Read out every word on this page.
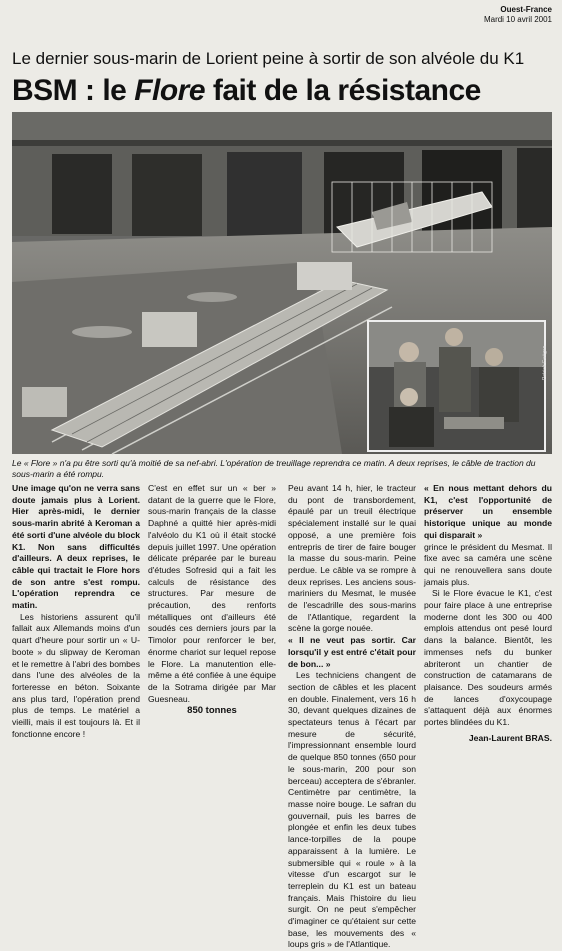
Ouest-France
Mardi 10 avril 2001
Le dernier sous-marin de Lorient peine à sortir de son alvéole du K1
BSM : le Flore fait de la résistance
Patrick Guégan
Le « Flore » n'a pu être sorti qu'à moitié de sa nef-abri. L'opération de treuillage reprendra ce matin. A deux reprises, le câble de traction du sous-marin a été rompu.

Une image qu'on ne verra sans doute jamais plus à Lorient. Hier après-midi, le dernier sous-marin abrité à Keroman a été sorti d'une alvéole du block K1. Non sans difficultés d'ailleurs. A deux reprises, le câble qui tractait le Flore hors de son antre s'est rompu. L'opération reprendra ce matin.

Les historiens assurent qu'il fallait aux Allemands moins d'un quart d'heure pour sortir un « U-boote » du slipway de Keroman et le remettre à l'abri des bombes dans l'une des alvéoles de la forteresse en béton. Soixante ans plus tard, l'opération prend plus de temps. Le matériel a vieilli, mais il est toujours là. Et il fonctionne encore !

C'est en effet sur un « ber » datant de la guerre que le Flore, sous-marin français de la classe Daphné a quitté hier après-midi l'alvéolo du K1 où il était stocké depuis juillet 1997. Une opération délicate préparée par le bureau d'études Sofresid qui a fait les calculs de résistance des structures. Par mesure de précaution, des renforts métalliques ont d'ailleurs été soudés ces derniers jours par la Timolor pour renforcer le ber, énorme chariot sur lequel repose le Flore. La manutention elle-même a été confiée à une équipe de la Sotrama dirigée par Mar Guesneau.

850 tonnes

Peu avant 14 h, hier, le tracteur du pont de transbordement, épaulé par un treuil électrique spécialement installé sur le quai opposé, a une première fois entrepris de tirer de faire bouger la masse du sous-marin. Peine perdue. Le câble va se rompre à deux reprises. Les anciens sous-mariniers du Mesmat, le musée de l'escadrille des sous-marins de l'Atlantique, regardent la scène la gorge nouée.

« Il ne veut pas sortir. Car lorsqu'il y est entré c'était pour de bon... »

Les techniciens changent de section de câbles et les placent en double. Finalement, vers 16 h 30, devant quelques dizaines de spectateurs tenus à l'écart par mesure de sécurité, l'impressionnant ensemble lourd de quelque 850 tonnes (650 pour le sous-marin, 200 pour son berceau) acceptera de s'ébranler. Centimètre par centimètre, la masse noire bouge. Le safran du gouvernail, puis les barres de plongée et enfin les deux tubes lance-torpilles de la poupe apparaissent à la lumière. Le submersible qui « roule » à la vitesse d'un escargot sur le terreplein du K1 est un bateau français. Mais l'histoire du lieu surgit. On ne peut s'empêcher d'imaginer ce qu'étaient sur cette base, les mouvements des « loups gris » de l'Atlantique.

« En nous mettant dehors du K1, c'est l'opportunité de préserver un ensemble historique unique au monde qui disparait »

grince le président du Mesmat. Il fixe avec sa caméra une scène qui ne renouvellera sans doute jamais plus.

Si le Flore évacue le K1, c'est pour faire place à une entreprise moderne dont les 300 ou 400 emplois attendus ont pesé lourd dans la balance. Bientôt, les immenses nefs du bunker abriteront un chantier de construction de catamarans de plaisance. Des soudeurs armés de lances d'oxycoupage s'attaquent déjà aux énormes portes blindées du K1.

Jean-Laurent BRAS.
